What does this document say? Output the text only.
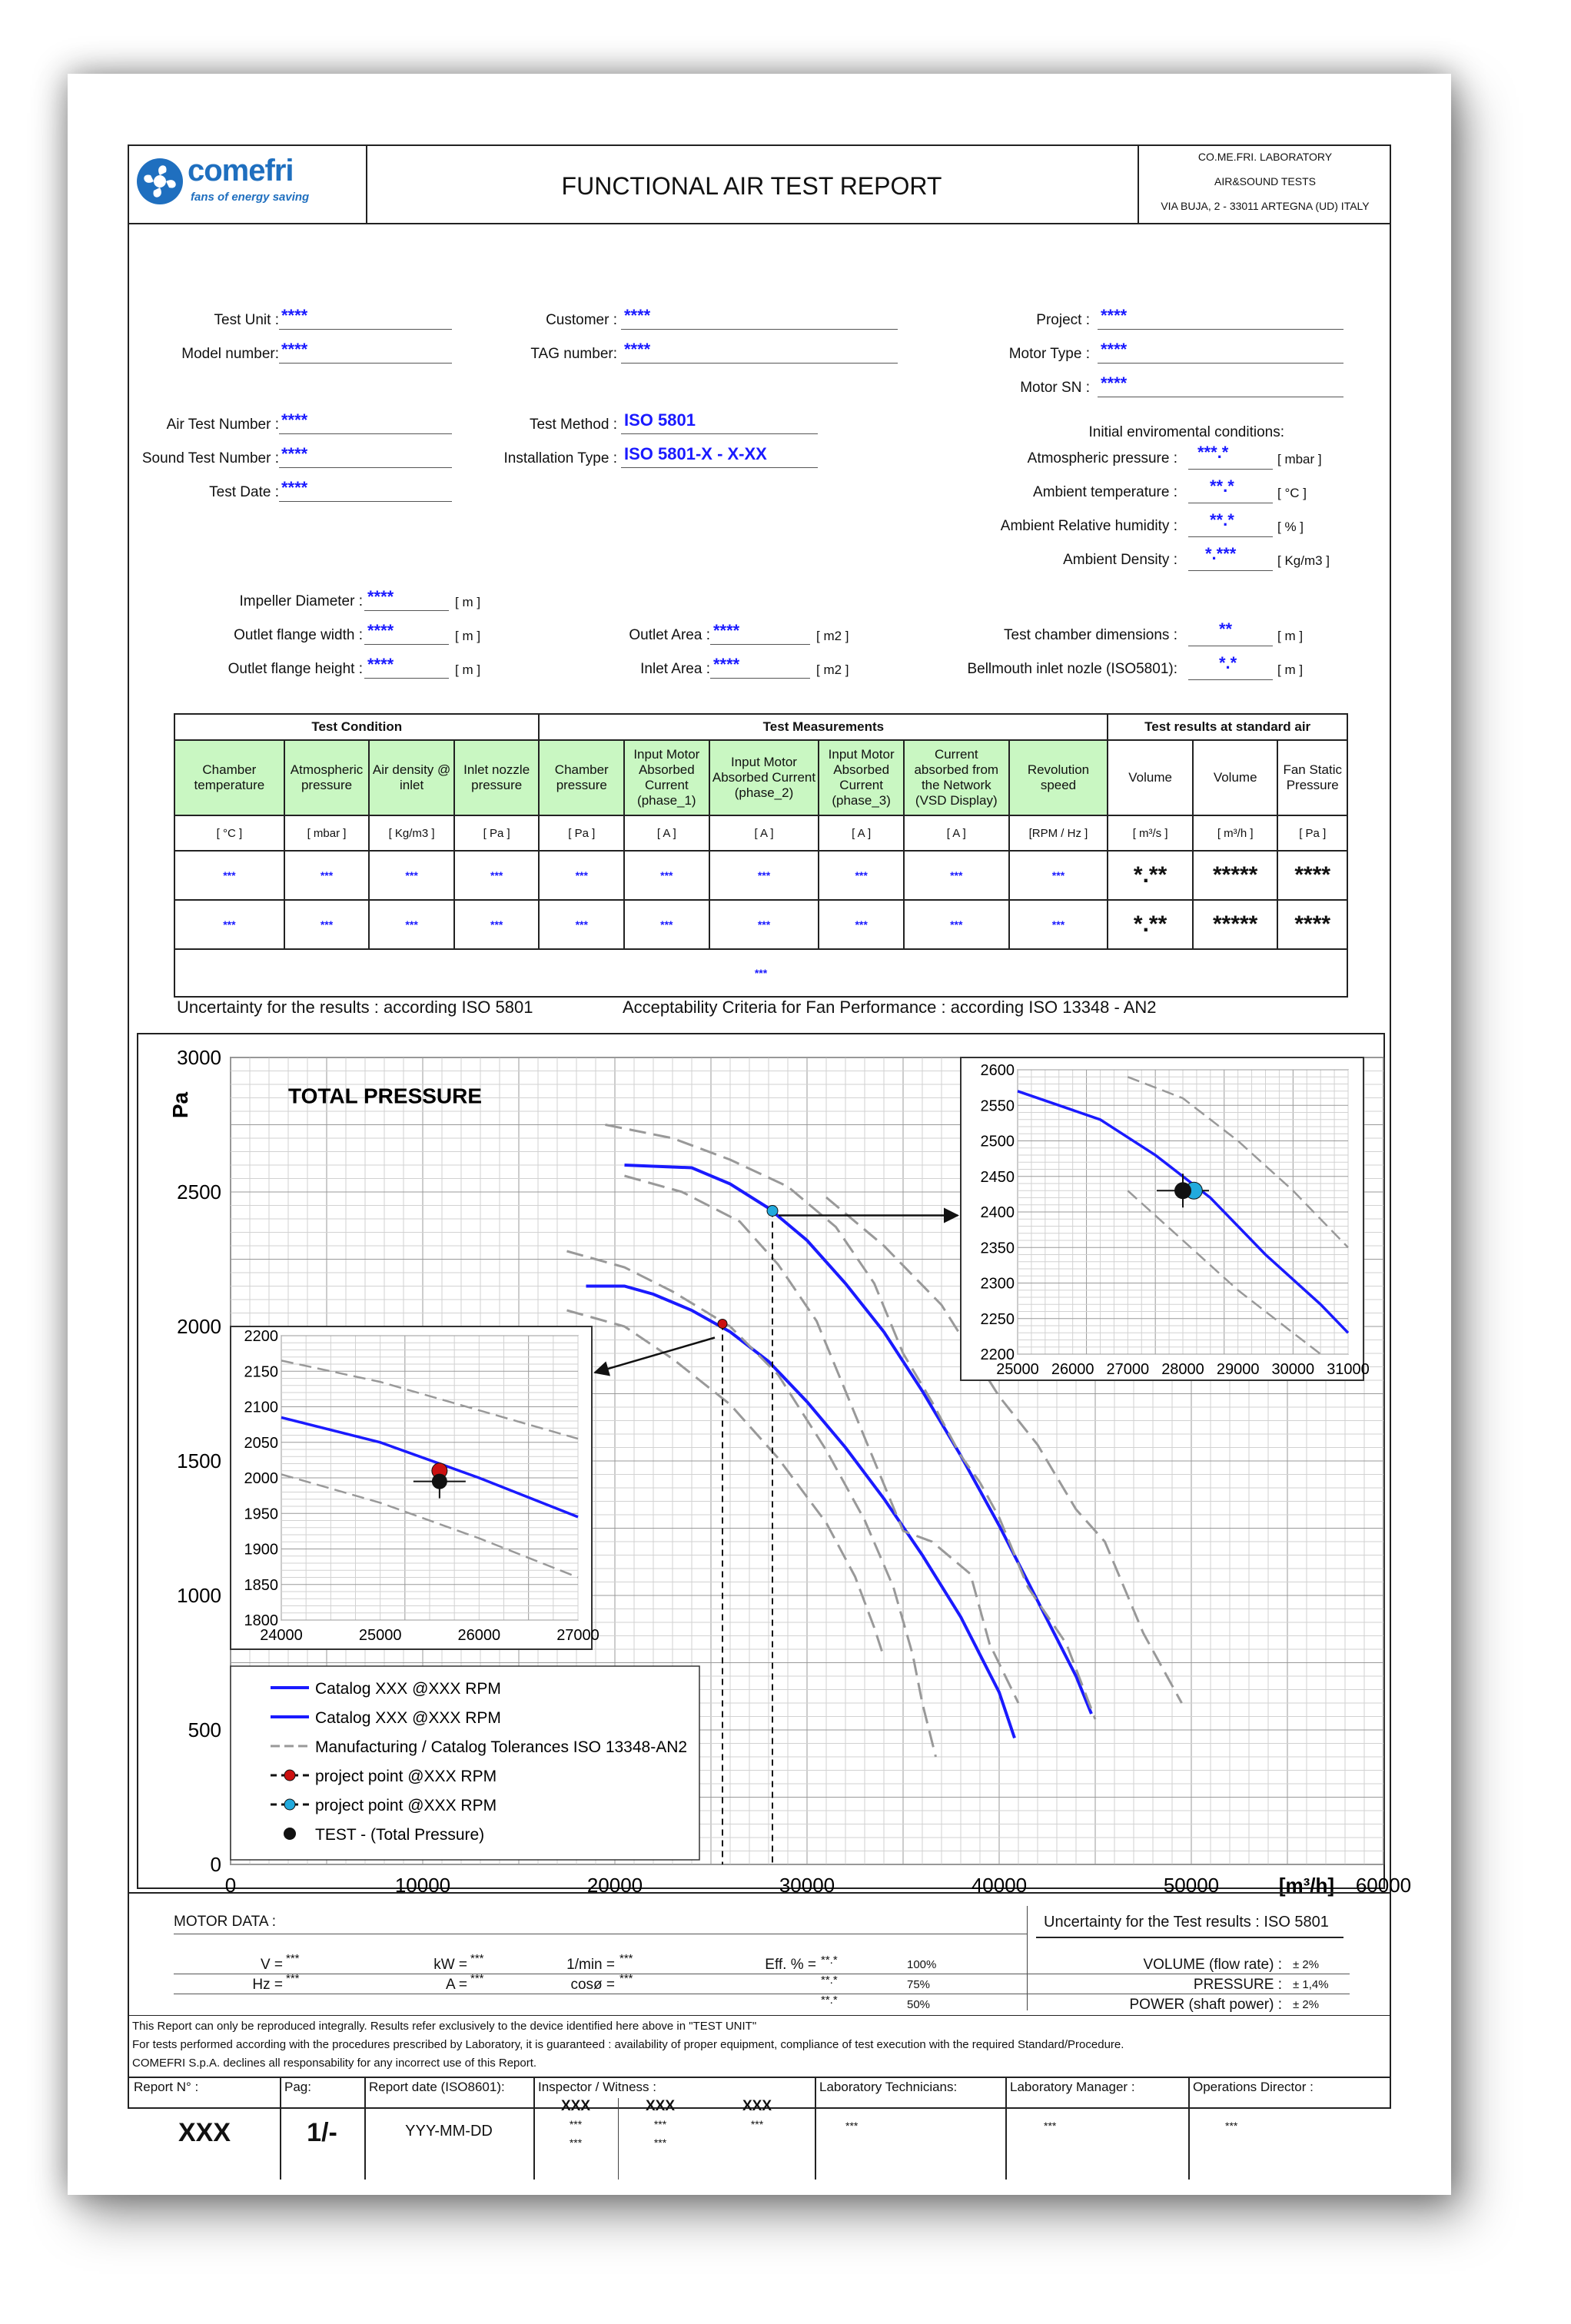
comefri
fans of energy saving	FUNCTIONAL AIR TEST REPORT
CO.ME.FRI. LABORATORY
AIR&SOUND TESTS
VIA BUJA, 2 - 33011 ARTEGNA (UD) ITALY
Test Unit : ****
Model number: ****
Customer : ****
TAG number: ****
Project : ****
Motor Type : ****
Motor SN : ****
Air Test Number : ****
Sound Test Number : ****
Test Date : ****
Test Method : ISO 5801
Installation Type : ISO 5801-X - X-XX
Initial enviromental conditions:
Atmospheric pressure : ***.*	[ mbar ]
Ambient temperature : **.*	[ °C ]
Ambient Relative humidity : **.*	[ % ]
Ambient Density : *.***	[ Kg/m3 ]
Impeller Diameter : ****	[ m ]
Outlet flange width : ****	[ m ]
Outlet flange height : ****	[ m ]
Outlet Area : ****	[ m2 ]
Inlet Area : ****	[ m2 ]
Test chamber dimensions : **	[ m ]
Bellmouth inlet nozle (ISO5801): *.*	[ m ]
Test Condition				Test Measurements						Test results at standard air		
Chamber temperature	Atmospheric pressure	Air density @ inlet	Inlet nozzle pressure	Chamber pressure	Input Motor Absorbed Current (phase_1)	Input Motor Absorbed Current (phase_2)	Input Motor Absorbed Current (phase_3)	Current absorbed from the Network (VSD Display)	Revolution speed	Volume	Volume	Fan Static Pressure
[ °C ]	[ mbar ]	[ Kg/m3 ]	[ Pa ]	[ Pa ]	[ A ]	[ A ]	[ A ]	[ A ]	[RPM / Hz ]	[ m³/s ]	[ m³/h ]	[ Pa ]
***	***	***	***	***	***	***	***	***	***	*.**	*****	****
***	***	***	***	***	***	***	***	***	***	*.**	*****	****
***												
Uncertainty for the results : according ISO 5801	Acceptability Criteria for Fan Performance : according ISO 13348 - AN2
0
500
1000
1500
2000
2500
3000
0	10000	20000	30000	40000	50000	60000
[m³/h]
Pa	TOTAL PRESSURE
2200
2250
2300
2350
2400
2450
2500
2550
2600
25000 26000 27000 28000 29000 30000 31000
1800
1850
1900
1950
2000
2050
2100
2150
2200
24000	25000	26000	27000
Catalog XXX @XXX RPM
Catalog XXX @XXX RPM
Manufacturing / Catalog Tolerances ISO 13348-AN2
project point @XXX RPM
project point @XXX RPM
TEST - (Total Pressure)
MOTOR DATA :	Uncertainty for the Test results : ISO 5801
V = ***	kW = ***	1/min = ***	Eff. % = **.*	100%
Hz = ***	A = ***	cosø = ***	**.*	75%
**.*	50%
VOLUME (flow rate) : ± 2%
PRESSURE : ± 1,4%
POWER (shaft power) : ± 2%
This Report can only be reproduced integrally. Results refer exclusively to the device identified here above in "TEST UNIT"
For tests performed according with the procedures prescribed by Laboratory, it is guaranteed : availability of proper equipment, compliance of test execution with the required Standard/Procedure.
COMEFRI S.p.A. declines all responsability for any incorrect use of this Report.
Report N° :
XXX
Pag:
1/-
Report date (ISO8601):
YYY-MM-DD
Inspector / Witness :
XXX
***
***
XXX
***
***
XXX
***
Laboratory Technicians:
***
Laboratory Manager :
***
Operations Director :
***
